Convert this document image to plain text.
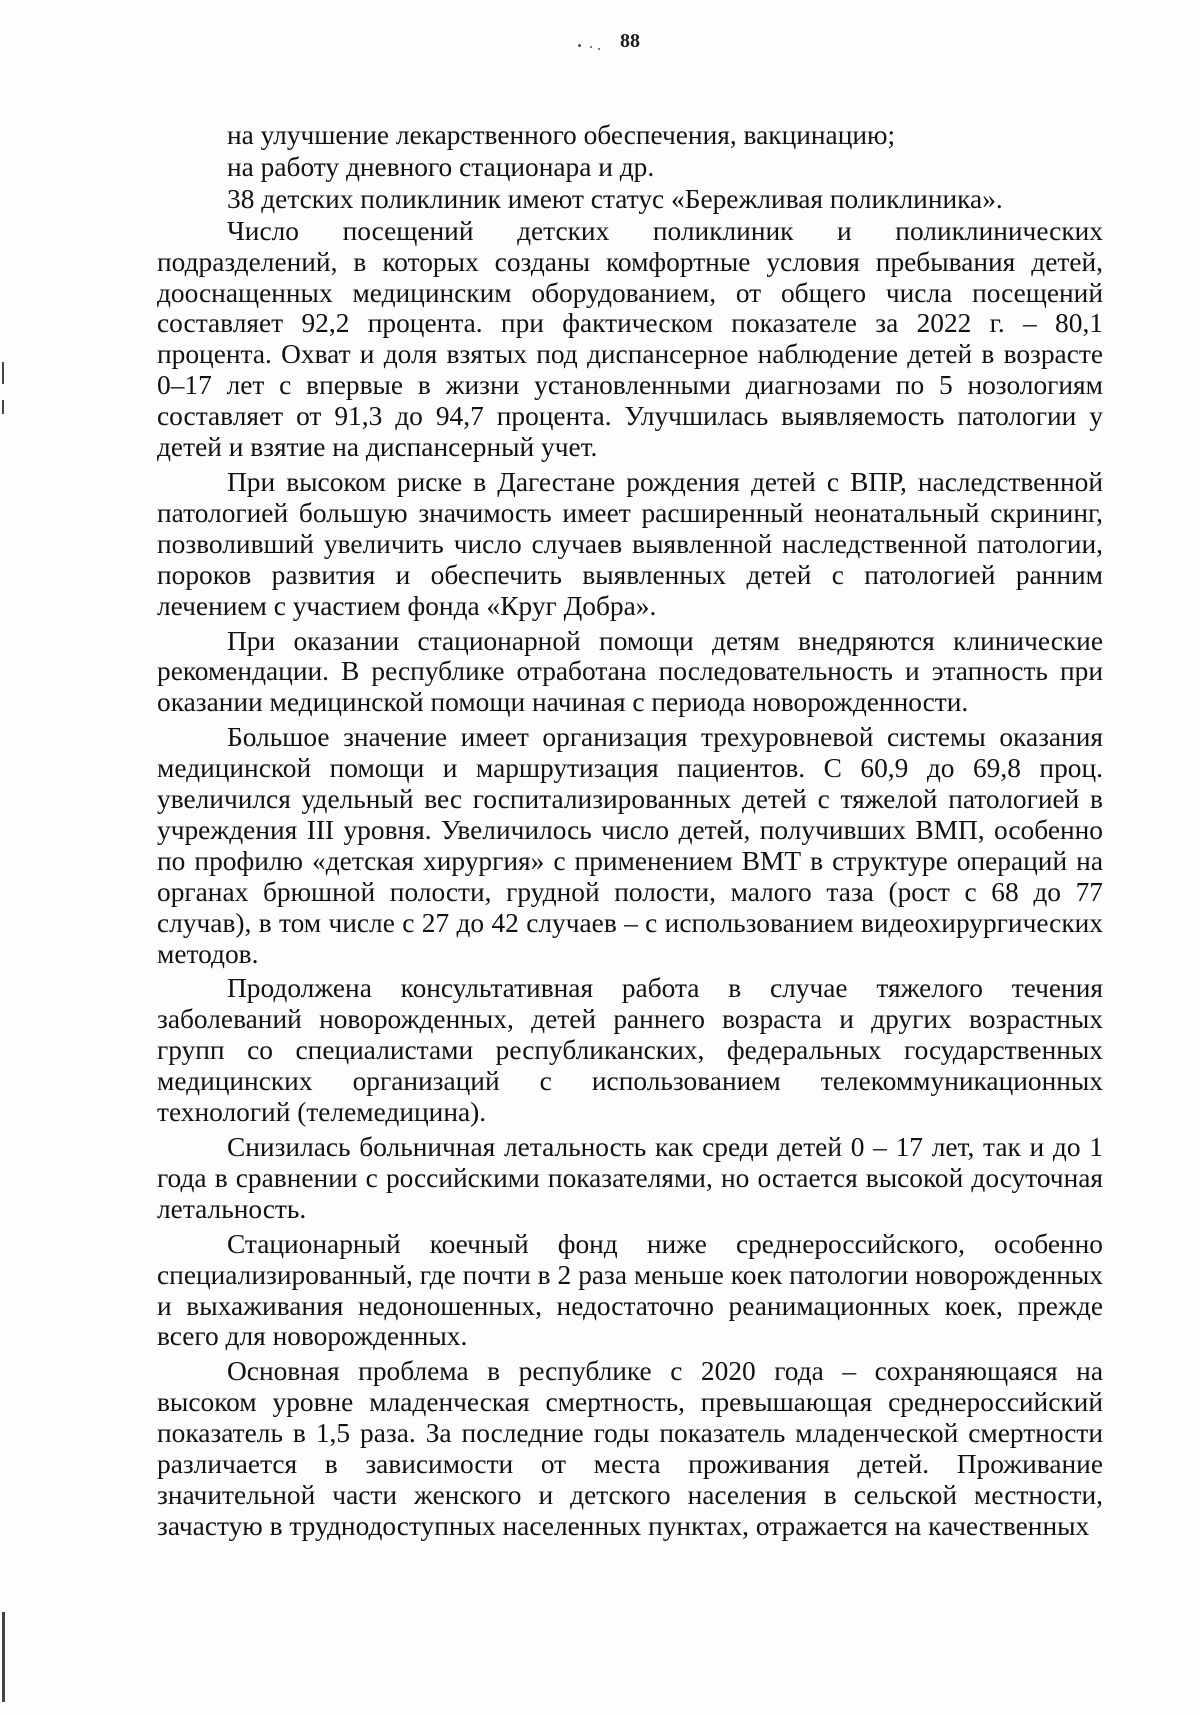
88

на улучшение лекарственного обеспечения, вакцинацию;

на работу дневного стационара и др.

38 детских поликлиник имеют статус «Бережливая поликлиника».

Число посещений детских поликлиник и поликлинических подразделений, в которых созданы комфортные условия пребывания детей, дооснащенных медицинским оборудованием, от общего числа посещений составляет 92,2 процента. при фактическом показателе за 2022 г. – 80,1 процента. Охват и доля взятых под диспансерное наблюдение детей в возрасте 0–17 лет с впервые в жизни установленными диагнозами по 5 нозологиям составляет от 91,3 до 94,7 процента. Улучшилась выявляемость патологии у детей и взятие на диспансерный учет.

При высоком риске в Дагестане рождения детей с ВПР, наследственной патологией большую значимость имеет расширенный неонатальный скрининг, позволивший увеличить число случаев выявленной наследственной патологии, пороков развития и обеспечить выявленных детей с патологией ранним лечением с участием фонда «Круг Добра».

При оказании стационарной помощи детям внедряются клинические рекомендации. В республике отработана последовательность и этапность при оказании медицинской помощи начиная с периода новорожденности.

Большое значение имеет организация трехуровневой системы оказания медицинской помощи и маршрутизация пациентов. С 60,9 до 69,8 проц. увеличился удельный вес госпитализированных детей с тяжелой патологией в учреждения III уровня. Увеличилось число детей, получивших ВМП, особенно по профилю «детская хирургия» с применением ВМТ в структуре операций на органах брюшной полости, грудной полости, малого таза (рост с 68 до 77 случав), в том числе с 27 до 42 случаев – с использованием видеохирургических методов.

Продолжена консультативная работа в случае тяжелого течения заболеваний новорожденных, детей раннего возраста и других возрастных групп со специалистами республиканских, федеральных государственных медицинских организаций с использованием телекоммуникационных технологий (телемедицина).

Снизилась больничная летальность как среди детей 0 – 17 лет, так и до 1 года в сравнении с российскими показателями, но остается высокой досуточная летальность.

Стационарный коечный фонд ниже среднероссийского, особенно специализированный, где почти в 2 раза меньше коек патологии новорожденных и выхаживания недоношенных, недостаточно реанимационных коек, прежде всего для новорожденных.

Основная проблема в республике с 2020 года – сохраняющаяся на высоком уровне младенческая смертность, превышающая среднероссийский показатель в 1,5 раза. За последние годы показатель младенческой смертности различается в зависимости от места проживания детей. Проживание значительной части женского и детского населения в сельской местности, зачастую в труднодоступных населенных пунктах, отражается на качественных
